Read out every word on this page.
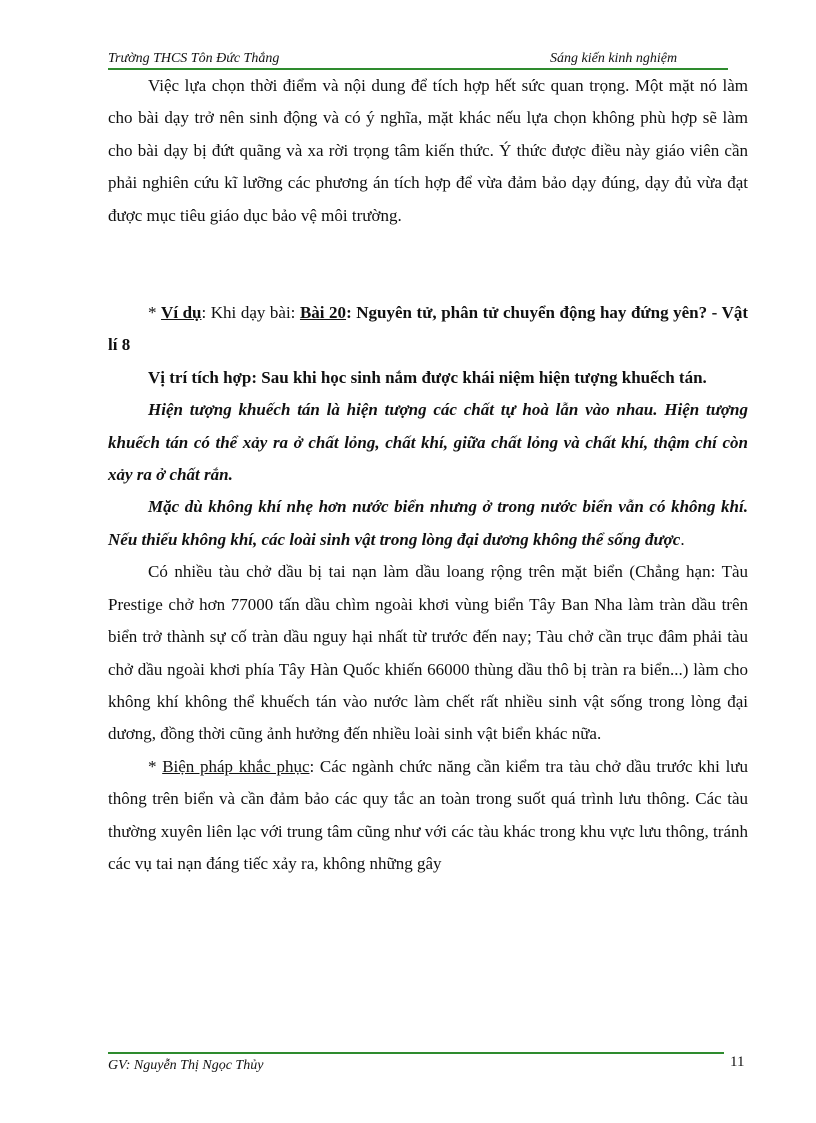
Trường THCS Tôn Đức Thắng	Sáng kiến kinh nghiệm

Việc lựa chọn thời điểm và nội dung để tích hợp hết sức quan trọng. Một mặt nó làm cho bài dạy trở nên sinh động và có ý nghĩa, mặt khác nếu lựa chọn không phù hợp sẽ làm cho bài dạy bị đứt quãng và xa rời trọng tâm kiến thức. Ý thức được điều này giáo viên cần phải nghiên cứu kĩ lưỡng các phương án tích hợp để vừa đảm bảo dạy đúng, dạy đủ vừa đạt được mục tiêu giáo dục bảo vệ môi trường.

* Ví dụ: Khi dạy bài: Bài 20: Nguyên tử, phân tử chuyển động hay đứng yên? - Vật lí 8

Vị trí tích hợp: Sau khi học sinh nắm được khái niệm hiện tượng khuếch tán.

Hiện tượng khuếch tán là hiện tượng các chất tự hoà lẫn vào nhau. Hiện tượng khuếch tán có thể xảy ra ở chất lỏng, chất khí, giữa chất lỏng và chất khí, thậm chí còn xảy ra ở chất rắn.

Mặc dù không khí nhẹ hơn nước biển nhưng ở trong nước biển vẫn có không khí. Nếu thiếu không khí, các loài sinh vật trong lòng đại dương không thể sống được.

Có nhiều tàu chở dầu bị tai nạn làm dầu loang rộng trên mặt biển (Chẳng hạn: Tàu Prestige chở hơn 77000 tấn dầu chìm ngoài khơi vùng biển Tây Ban Nha làm tràn dầu trên biển trở thành sự cố tràn dầu nguy hại nhất từ trước đến nay; Tàu chở cần trục đâm phải tàu chở dầu ngoài khơi phía Tây Hàn Quốc khiến 66000 thùng dầu thô bị tràn ra biển...) làm cho không khí không thể khuếch tán vào nước làm chết rất nhiều sinh vật sống trong lòng đại dương, đồng thời cũng ảnh hưởng đến nhiều loài sinh vật biển khác nữa.

* Biện pháp khắc phục: Các ngành chức năng cần kiểm tra tàu chở dầu trước khi lưu thông trên biển và cần đảm bảo các quy tắc an toàn trong suốt quá trình lưu thông. Các tàu thường xuyên liên lạc với trung tâm cũng như với các tàu khác trong khu vực lưu thông, tránh các vụ tai nạn đáng tiếc xảy ra, không những gây

GV: Nguyễn Thị Ngọc Thủy	11
